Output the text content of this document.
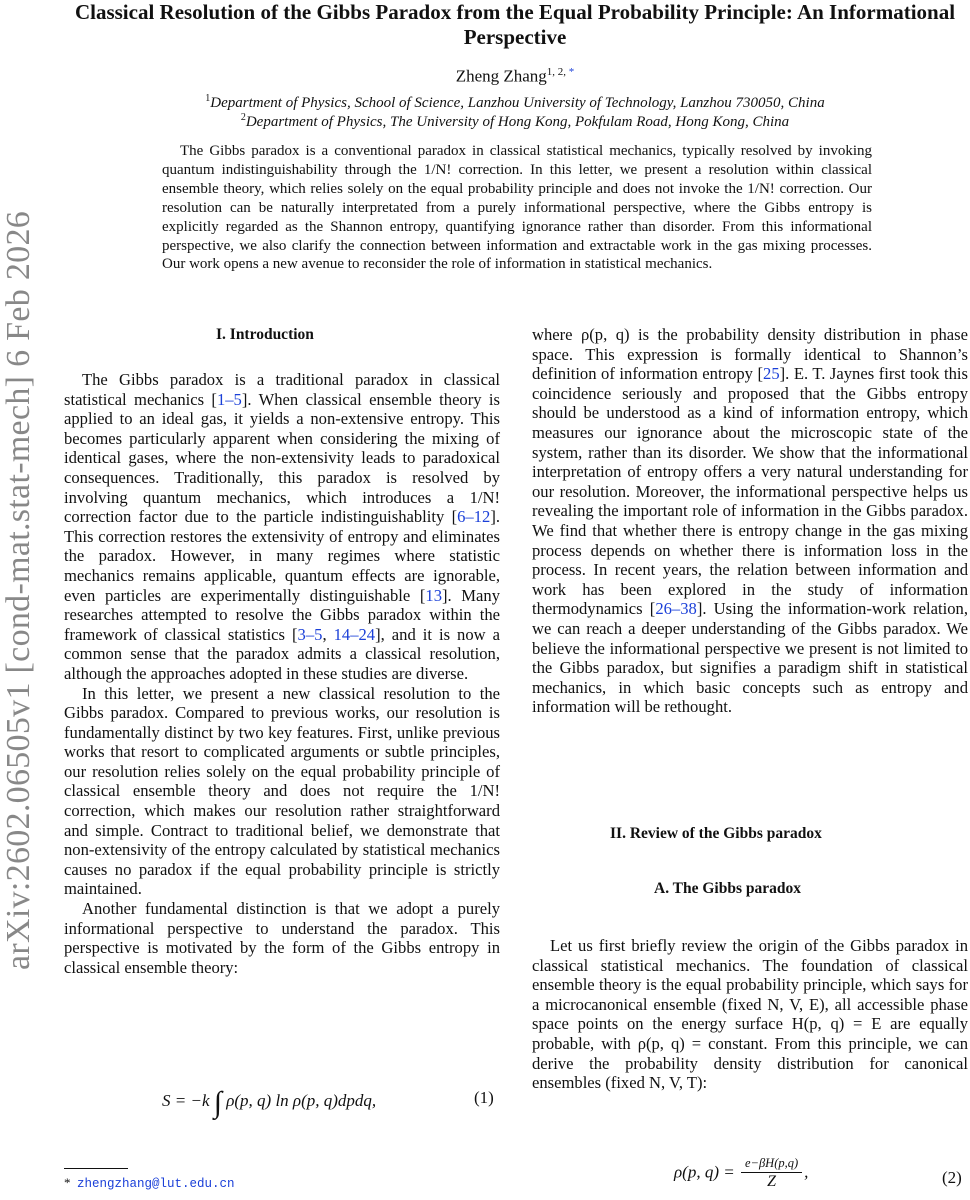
arXiv:2602.06505v1 [cond-mat.stat-mech] 6 Feb 2026
Classical Resolution of the Gibbs Paradox from the Equal Probability Principle: An Informational Perspective
Zheng Zhang$^{1, 2,}$ *
$^1$Department of Physics, School of Science, Lanzhou University of Technology, Lanzhou 730050, China
$^2$Department of Physics, The University of Hong Kong, Pokfulam Road, Hong Kong, China
The Gibbs paradox is a conventional paradox in classical statistical mechanics, typically resolved by invoking quantum indistinguishability through the 1/N! correction. In this letter, we present a resolution within classical ensemble theory, which relies solely on the equal probability principle and does not invoke the 1/N! correction. Our resolution can be naturally interpretated from a purely informational perspective, where the Gibbs entropy is explicitly regarded as the Shannon entropy, quantifying ignorance rather than disorder. From this informational perspective, we also clarify the connection between information and extractable work in the gas mixing processes. Our work opens a new avenue to reconsider the role of information in statistical mechanics.
I. Introduction

The Gibbs paradox is a traditional paradox in classical statistical mechanics [1–5]. When classical ensemble theory is applied to an ideal gas, it yields a non-extensive entropy. This becomes particularly apparent when considering the mixing of identical gases, where the non-extensivity leads to paradoxical consequences. Traditionally, this paradox is resolved by involving quantum mechanics, which introduces a 1/N! correction factor due to the particle indistinguishablity [6–12]. This correction restores the extensivity of entropy and eliminates the paradox. However, in many regimes where statistic mechanics remains applicable, quantum effects are ignorable, even particles are experimentally distinguishable [13]. Many researches attempted to resolve the Gibbs paradox within the framework of classical statistics [3–5, 14–24], and it is now a common sense that the paradox admits a classical resolution, although the approaches adopted in these studies are diverse.

In this letter, we present a new classical resolution to the Gibbs paradox. Compared to previous works, our resolution is fundamentally distinct by two key features. First, unlike previous works that resort to complicated arguments or subtle principles, our resolution relies solely on the equal probability principle of classical ensemble theory and does not require the 1/N! correction, which makes our resolution rather straightforward and simple. Contract to traditional belief, we demonstrate that non-extensivity of the entropy calculated by statistical mechanics causes no paradox if the equal probability principle is strictly maintained.

Another fundamental distinction is that we adopt a purely informational perspective to understand the paradox. This perspective is motivated by the form of the Gibbs entropy in classical ensemble theory:

S = −k ∫ ρ(p, q) ln ρ(p, q)dpdq,	(1)
* zhengzhang@lut.edu.cn

where ρ(p, q) is the probability density distribution in phase space. This expression is formally identical to Shannon’s definition of information entropy [25]. E. T. Jaynes first took this coincidence seriously and proposed that the Gibbs entropy should be understood as a kind of information entropy, which measures our ignorance about the microscopic state of the system, rather than its disorder. We show that the informational interpretation of entropy offers a very natural understanding for our resolution. Moreover, the informational perspective helps us revealing the important role of information in the Gibbs paradox. We find that whether there is entropy change in the gas mixing process depends on whether there is information loss in the process. In recent years, the relation between information and work has been explored in the study of information thermodynamics [26–38]. Using the information-work relation, we can reach a deeper understanding of the Gibbs paradox. We believe the informational perspective we present is not limited to the Gibbs paradox, but signifies a paradigm shift in statistical mechanics, in which basic concepts such as entropy and information will be rethought.

II. Review of the Gibbs paradox
A. The Gibbs paradox

Let us first briefly review the origin of the Gibbs paradox in classical statistical mechanics. The foundation of classical ensemble theory is the equal probability principle, which says for a microcanonical ensemble (fixed N, V, E), all accessible phase space points on the energy surface H(p, q) = E are equally probable, with ρ(p, q) = constant. From this principle, we can derive the probability density distribution for canonical ensembles (fixed N, V, T):

ρ(p, $q) = \frac{e-\beta H(p,q)}{Z}$ ,	(2)
